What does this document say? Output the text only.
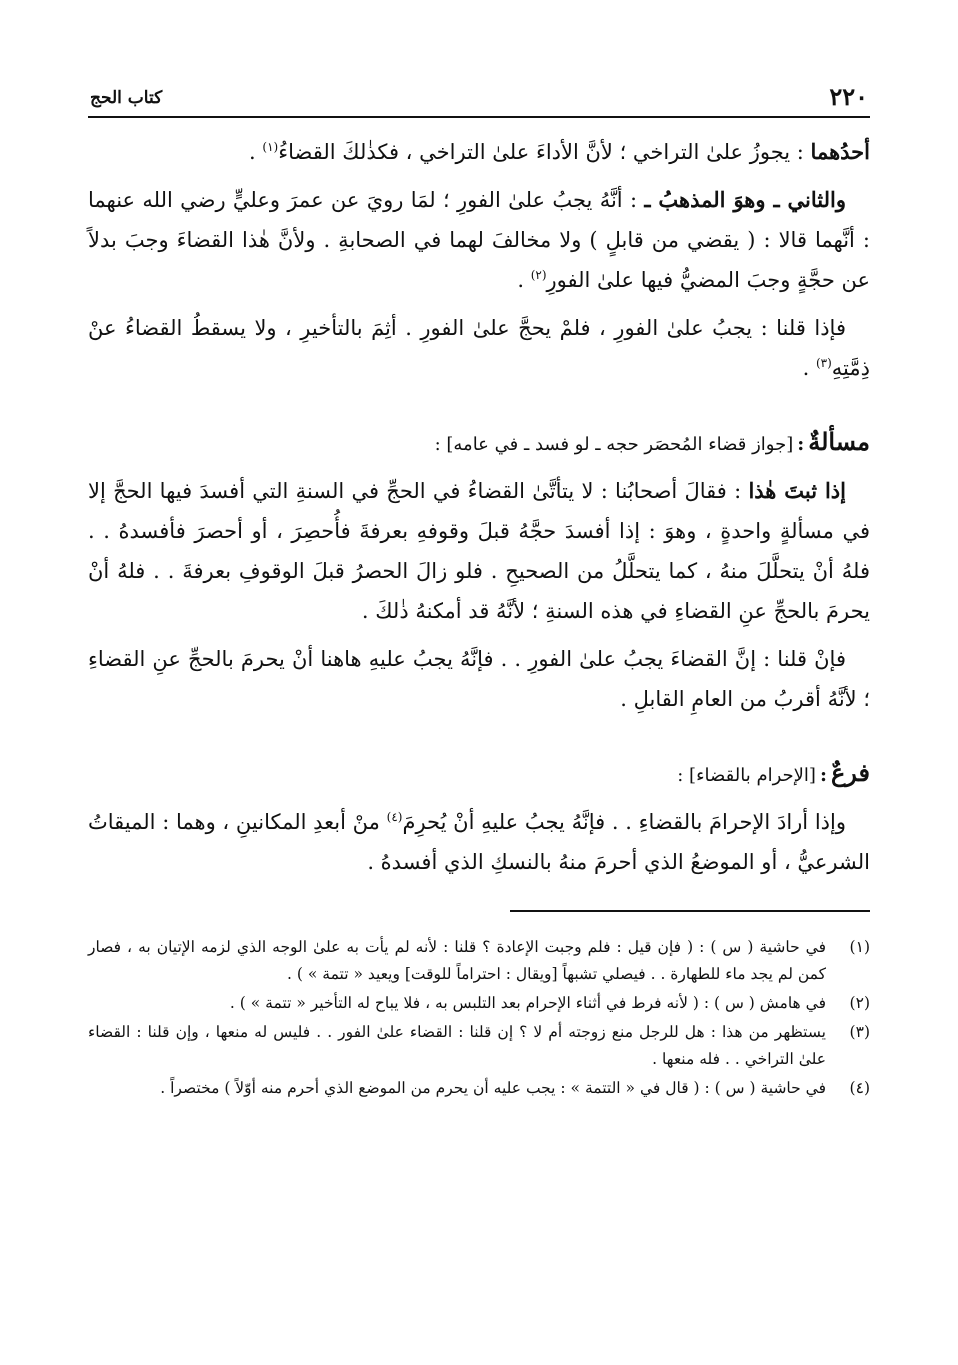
٢٢٠
كتاب الحج

أحدُهما : يجوزُ علىٰ التراخي ؛ لأنَّ الأداءَ علىٰ التراخي ، فكذٰلكَ القضاءُ$^{(١)}$ .

والثاني ـ وهوَ المذهبُ ـ : أنَّهُ يجبُ علىٰ الفورِ ؛ لمَا رويَ عن عمرَ وعليٍّ رضي الله عنهما : أنَّهما قالا : ( يقضي من قابلٍ ) ولا مخالفَ لهما في الصحابةِ . ولأنَّ هٰذا القضاءَ وجبَ بدلاً عن حجَّةٍ وجبَ المضيُّ فيها علىٰ الفورِ$^{(٢)}$ .

فإذا قلنا : يجبُ علىٰ الفورِ ، فلمْ يحجَّ علىٰ الفورِ . أثِمَ بالتأخيرِ ، ولا يسقطُ القضاءُ عنْ ذِمَّتِهِ$^{(٣)}$ .

مسألةٌ:[جواز قضاء المُحصَر حجه ـ لو فسد ـ في عامه] :

إذا ثبتَ هٰذا : فقالَ أصحابُنا : لا يتأتَّىٰ القضاءُ في الحجِّ في السنةِ التي أفسدَ فيها الحجَّ إلا في مسألةٍ واحدةٍ ، وهوَ : إذا أفسدَ حجَّهُ قبلَ وقوفهِ بعرفةَ فأُحصِرَ ، أو أحصرَ فأفسدهُ . . فلهُ أنْ يتحلَّلَ منهُ ، كما يتحلَّلُ من الصحيحِ . فلو زالَ الحصرُ قبلَ الوقوفِ بعرفةَ . . فلهُ أنْ يحرمَ بالحجِّ عنِ القضاءِ في هذه السنةِ ؛ لأنَّهُ قد أمكنهُ ذٰلكَ .

فإنْ قلنا : إنَّ القضاءَ يجبُ علىٰ الفورِ . . فإنَّهُ يجبُ عليهِ هاهنا أنْ يحرمَ بالحجِّ عنِ القضاءِ ؛ لأنَّهُ أقربُ من العامِ القابلِ .

فرعٌ:[الإحرام بالقضاء] :

وإذا أرادَ الإحرامَ بالقضاءِ . . فإنَّهُ يجبُ عليهِ أنْ يُحرِمَ$^{(٤)}$ منْ أبعدِ المكانينِ ، وهما : الميقاتُ الشرعيُّ ، أو الموضعُ الذي أحرمَ منهُ بالنسكِ الذي أفسدهُ .

(١)
في حاشية ( س ) : ( فإن قيل : فلم وجبت الإعادة ؟ قلنا : لأنه لم يأت به علىٰ الوجه الذي لزمه الإتيان به ، فصار كمن لم يجد ماء للطهارة . . فيصلي تشبهاً [ويقال : احتراماً للوقت] ويعيد « تتمة » ) .
(٢)
في هامش ( س ) : ( لأنه فرط في أثناء الإحرام بعد التلبس به ، فلا يباح له التأخير « تتمة » ) .
(٣)
يستظهر من هذا : هل للرجل منع زوجته أم لا ؟ إن قلنا : القضاء علىٰ الفور . . فليس له منعها ، وإن قلنا : القضاء علىٰ التراخي . . فله منعها .
(٤)
في حاشية ( س ) : ( قال في « التتمة » : يجب عليه أن يحرم من الموضع الذي أحرم منه أوّلاً ) مختصراً .
